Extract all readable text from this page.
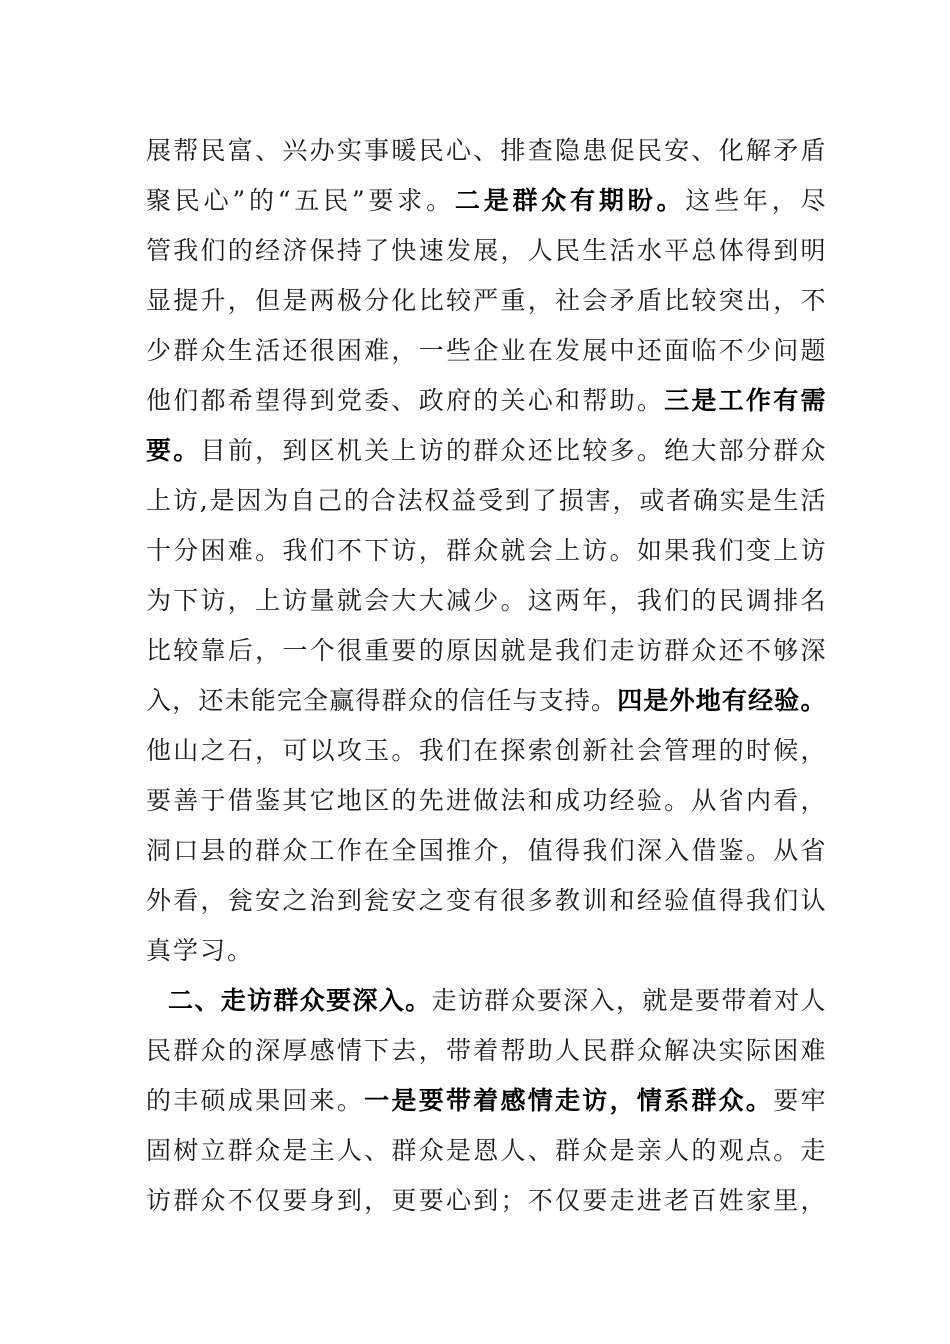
展帮民富、兴办实事暖民心、排查隐患促民安、化解矛盾
聚民心”的“五民”要求。二是群众有期盼。这些年，尽
管我们的经济保持了快速发展，人民生活水平总体得到明
显提升，但是两极分化比较严重，社会矛盾比较突出，不
少群众生活还很困难，一些企业在发展中还面临不少问题
他们都希望得到党委、政府的关心和帮助。三是工作有需
要。目前，到区机关上访的群众还比较多。绝大部分群众
上访,是因为自己的合法权益受到了损害，或者确实是生活
十分困难。我们不下访，群众就会上访。如果我们变上访
为下访，上访量就会大大减少。这两年，我们的民调排名
比较靠后，一个很重要的原因就是我们走访群众还不够深
入，还未能完全赢得群众的信任与支持。四是外地有经验。
他山之石，可以攻玉。我们在探索创新社会管理的时候，
要善于借鉴其它地区的先进做法和成功经验。从省内看，
洞口县的群众工作在全国推介，值得我们深入借鉴。从省
外看，瓮安之治到瓮安之变有很多教训和经验值得我们认
真学习。
二、走访群众要深入。走访群众要深入，就是要带着对人
民群众的深厚感情下去，带着帮助人民群众解决实际困难
的丰硕成果回来。一是要带着感情走访，情系群众。要牢
固树立群众是主人、群众是恩人、群众是亲人的观点。走
访群众不仅要身到，更要心到；不仅要走进老百姓家里，
